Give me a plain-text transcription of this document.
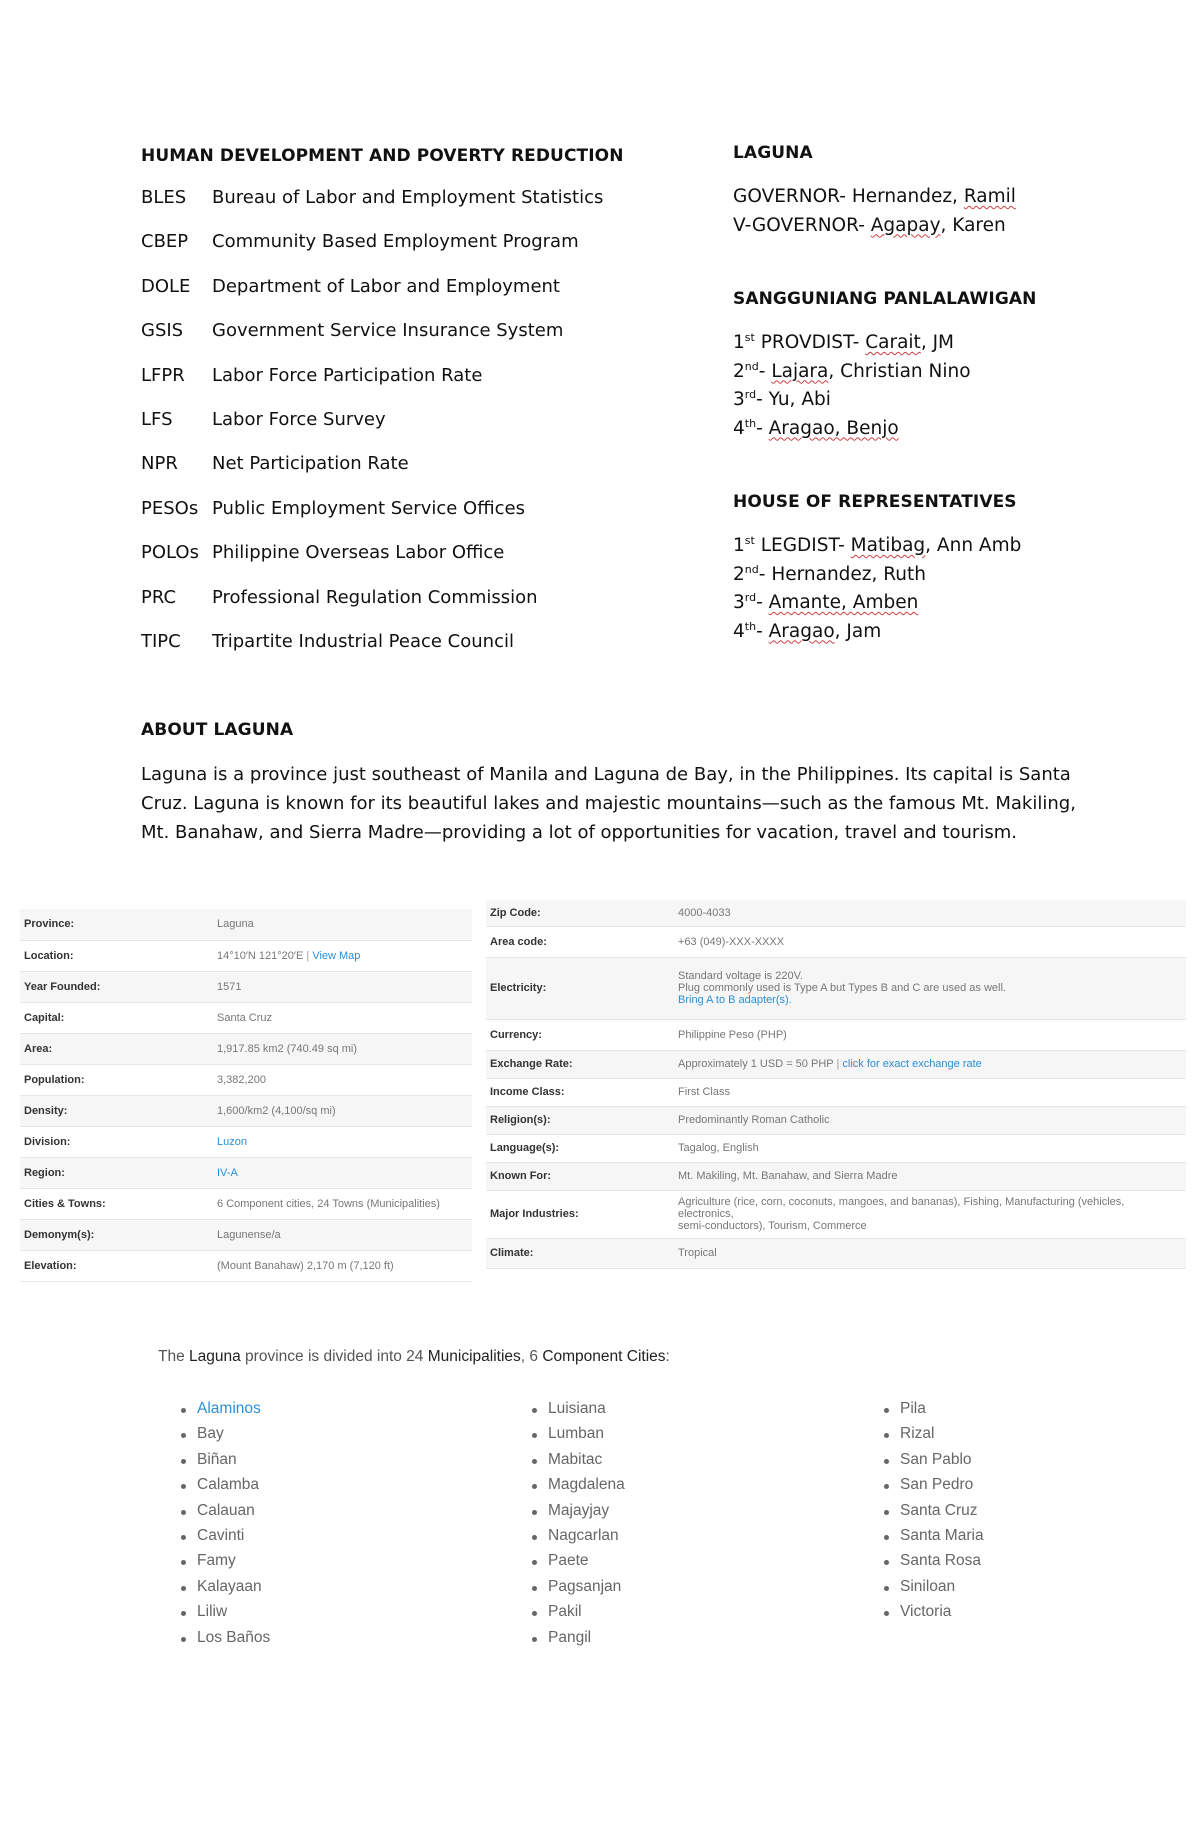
HUMAN DEVELOPMENT AND POVERTY REDUCTION
BLES	Bureau of Labor and Employment Statistics
CBEP	Community Based Employment Program
DOLE	Department of Labor and Employment
GSIS	Government Service Insurance System
LFPR	Labor Force Participation Rate
LFS	Labor Force Survey
NPR	Net Participation Rate
PESOs Public Employment Service Offices
POLOs Philippine Overseas Labor Office
PRC	Professional Regulation Commission
TIPC	Tripartite Industrial Peace Council
LAGUNA
GOVERNOR- Hernandez, Ramil
V-GOVERNOR- Agapay, Karen
SANGGUNIANG PANLALAWIGAN
1st PROVDIST- Carait, JM
2nd- Lajara, Christian Nino
3rd- Yu, Abi
4th- Aragao, Benjo
HOUSE OF REPRESENTATIVES
1st LEGDIST- Matibag, Ann Amb
2nd- Hernandez, Ruth
3rd- Amante, Amben
4th- Aragao, Jam
ABOUT LAGUNA
Laguna is a province just southeast of Manila and Laguna de Bay, in the Philippines. Its capital is Santa Cruz. Laguna is known for its beautiful lakes and majestic mountains—such as the famous Mt. Makiling, Mt. Banahaw, and Sierra Madre—providing a lot of opportunities for vacation, travel and tourism.
Province:	Laguna
Location:	14°10′N 121°20′E | View Map
Year Founded:	1571
Capital:	Santa Cruz
Area:	1,917.85 km2 (740.49 sq mi)
Population:	3,382,200
Density:	1,600/km2 (4,100/sq mi)
Division:	Luzon
Region:	IV-A
Cities & Towns:	6 Component cities, 24 Towns (Municipalities)
Demonym(s):	Lagunense/a
Elevation:	(Mount Banahaw) 2,170 m (7,120 ft)
Zip Code:	4000-4033
Area code:	+63 (049)-XXX-XXXX
Electricity:	Standard voltage is 220V.
Plug commonly used is Type A but Types B and C are used as well.
Bring A to B adapter(s).

Currency:	Philippine Peso (PHP)
Exchange Rate:	Approximately 1 USD = 50 PHP | click for exact exchange rate
Income Class:	First Class
Religion(s):	Predominantly Roman Catholic
Language(s):	Tagalog, English
Known For:	Mt. Makiling, Mt. Banahaw, and Sierra Madre
Major Industries:	Agriculture (rice, corn, coconuts, mangoes, and bananas), Fishing, Manufacturing (vehicles, electronics,
semi-conductors), Tourism, Commerce

Climate:	Tropical
The Laguna province is divided into 24 Municipalities, 6 Component Cities:
Alaminos
Bay
Biñan
Calamba
Calauan
Cavinti
Famy
Kalayaan
Liliw
Los Baños
Luisiana
Lumban
Mabitac
Magdalena
Majayjay
Nagcarlan
Paete
Pagsanjan
Pakil
Pangil
Pila
Rizal
San Pablo
San Pedro
Santa Cruz
Santa Maria
Santa Rosa
Siniloan
Victoria
